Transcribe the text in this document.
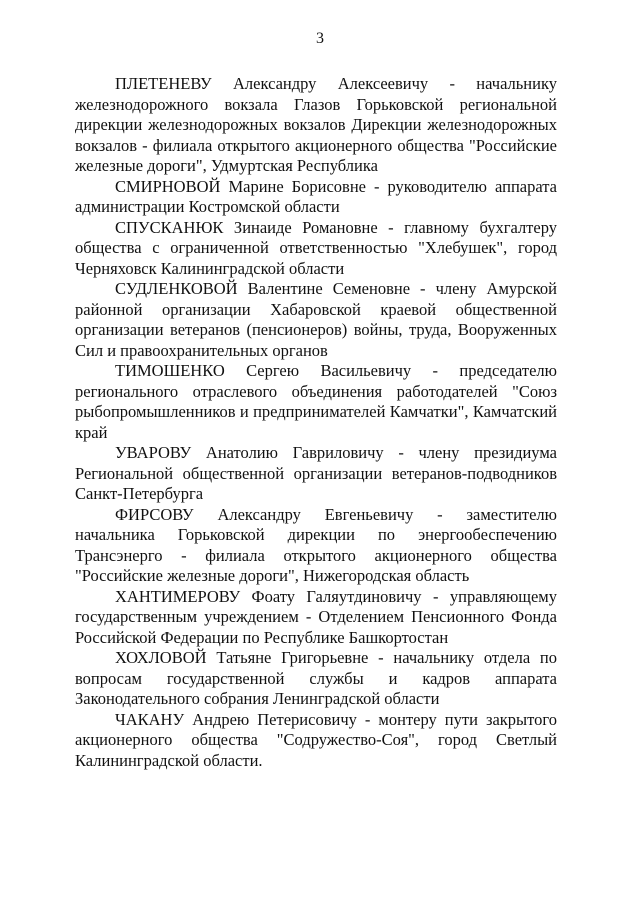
3

ПЛЕТЕНЕВУ Александру Алексеевичу - начальнику железнодорожного вокзала Глазов Горьковской региональной дирекции железнодорожных вокзалов Дирекции железнодорожных вокзалов - филиала открытого акционерного общества "Российские железные дороги", Удмуртская Республика

СМИРНОВОЙ Марине Борисовне - руководителю аппарата администрации Костромской области

СПУСКАНЮК Зинаиде Романовне - главному бухгалтеру общества с ограниченной ответственностью "Хлебушек", город Черняховск Калининградской области

СУДЛЕНКОВОЙ Валентине Семеновне - члену Амурской районной организации Хабаровской краевой общественной организации ветеранов (пенсионеров) войны, труда, Вооруженных Сил и правоохранительных органов

ТИМОШЕНКО Сергею Васильевичу - председателю регионального отраслевого объединения работодателей "Союз рыбопромышленников и предпринимателей Камчатки", Камчатский край

УВАРОВУ Анатолию Гавриловичу - члену президиума Региональной общественной организации ветеранов-подводников Санкт-Петербурга

ФИРСОВУ Александру Евгеньевичу - заместителю начальника Горьковской дирекции по энергообеспечению Трансэнерго - филиала открытого акционерного общества "Российские железные дороги", Нижегородская область

ХАНТИМЕРОВУ Фоату Галяутдиновичу - управляющему государственным учреждением - Отделением Пенсионного Фонда Российской Федерации по Республике Башкортостан

ХОХЛОВОЙ Татьяне Григорьевне - начальнику отдела по вопросам государственной службы и кадров аппарата Законодательного собрания Ленинградской области

ЧАКАНУ Андрею Петерисовичу - монтеру пути закрытого акционерного общества "Содружество-Соя", город Светлый Калининградской области.
